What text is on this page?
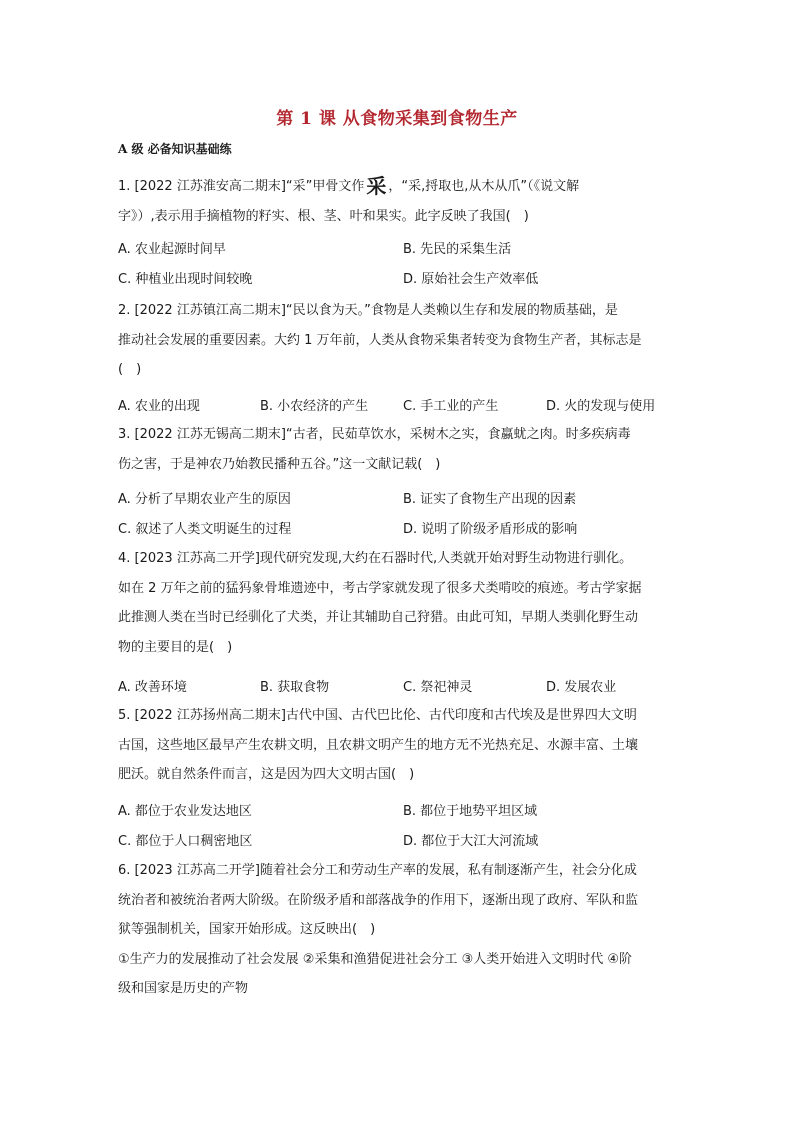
第 1 课 从食物采集到食物生产
A 级 必备知识基础练

1. [2022 江苏淮安高二期末]“采”甲骨文作 采 ，“采,捋取也,从木从爪”（《说文解

字》）,表示用手摘植物的籽实、根、茎、叶和果实。此字反映了我国(　)

A. 农业起源时间早	B. 先民的采集生活
C. 种植业出现时间较晚	D. 原始社会生产效率低

2. [2022 江苏镇江高二期末]“民以食为天。”食物是人类赖以生存和发展的物质基础，是

推动社会发展的重要因素。大约 1 万年前，人类从食物采集者转变为食物生产者，其标志是

(　)

A. 农业的出现	B. 小农经济的产生	C. 手工业的产生	D. 火的发现与使用

3. [2022 江苏无锡高二期末]“古者，民茹草饮水，采树木之实，食蠃蚘之肉。时多疾病毒

伤之害，于是神农乃始教民播种五谷。”这一文献记载(　)

A. 分析了早期农业产生的原因	B. 证实了食物生产出现的因素
C. 叙述了人类文明诞生的过程	D. 说明了阶级矛盾形成的影响

4. [2023 江苏高二开学]现代研究发现,大约在石器时代,人类就开始对野生动物进行驯化。

如在 2 万年之前的猛犸象骨堆遗迹中，考古学家就发现了很多犬类啃咬的痕迹。考古学家据

此推测人类在当时已经驯化了犬类，并让其辅助自己狩猎。由此可知，早期人类驯化野生动

物的主要目的是(　)

A. 改善环境	B. 获取食物	C. 祭祀神灵	D. 发展农业

5. [2022 江苏扬州高二期末]古代中国、古代巴比伦、古代印度和古代埃及是世界四大文明

古国，这些地区最早产生农耕文明，且农耕文明产生的地方无不光热充足、水源丰富、土壤

肥沃。就自然条件而言，这是因为四大文明古国(　)

A. 都位于农业发达地区	B. 都位于地势平坦区域
C. 都位于人口稠密地区	D. 都位于大江大河流域

6. [2023 江苏高二开学]随着社会分工和劳动生产率的发展，私有制逐渐产生，社会分化成

统治者和被统治者两大阶级。在阶级矛盾和部落战争的作用下，逐渐出现了政府、军队和监

狱等强制机关，国家开始形成。这反映出(　)

①生产力的发展推动了社会发展 ②采集和渔猎促进社会分工 ③人类开始进入文明时代 ④阶

级和国家是历史的产物
